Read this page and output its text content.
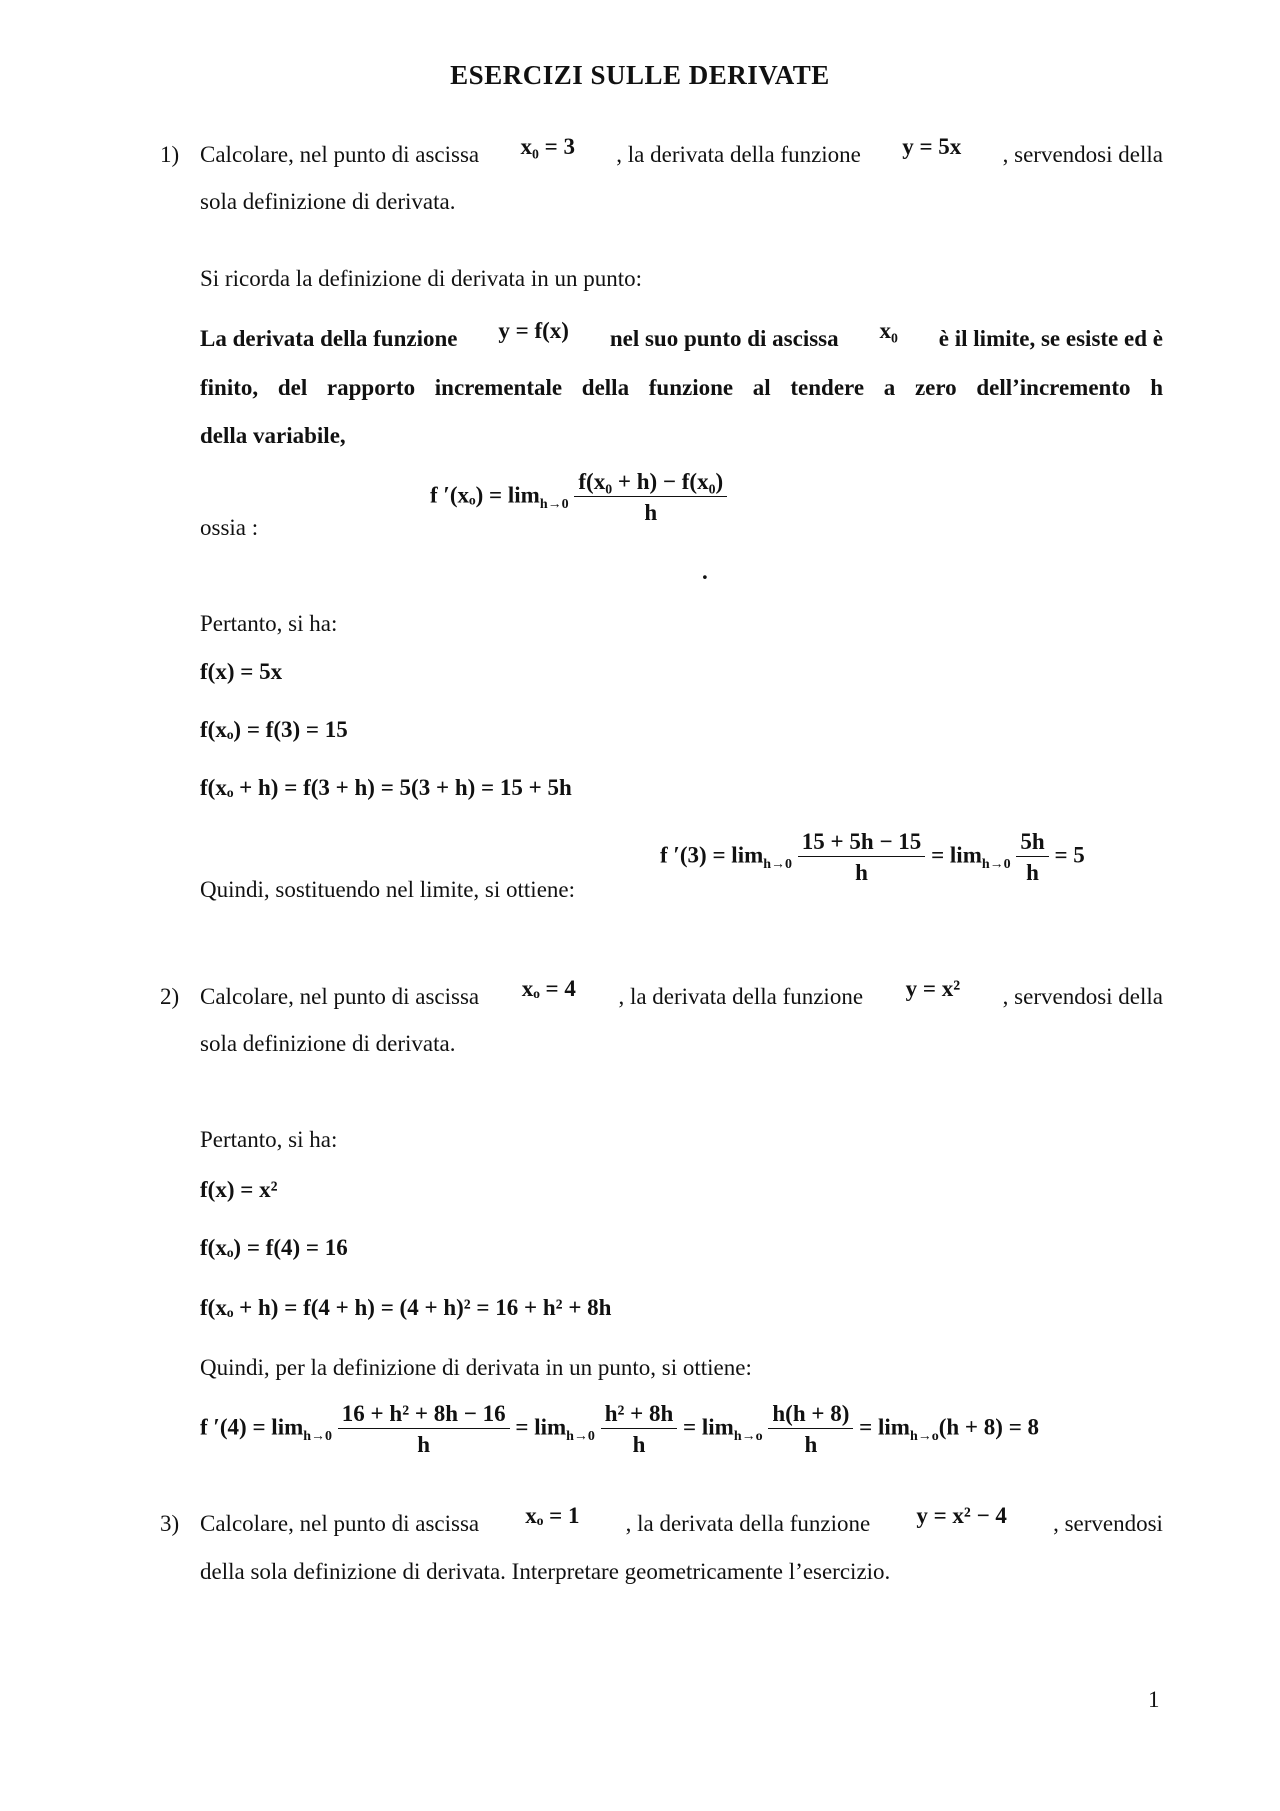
ESERCIZI SULLE DERIVATE
1) Calcolare, nel punto di ascissa x₀ = 3 , la derivata della funzione y = 5x , servendosi della
sola definizione di derivata.
Si ricorda la definizione di derivata in un punto:
La derivata della funzione y = f(x) nel suo punto di ascissa x₀ è il limite, se esiste ed è
finito, del rapporto incrementale della funzione al tendere a zero dell’incremento h
della variabile,
ossia :
f $'(x_o) = \lim_{h\to 0} \frac{\text{f(x₀ + h) − f(x₀)}}{h}$
.
Pertanto, si ha:
f(x) = 5x
f(xₒ) = f(3) = 15
f(xₒ + h) = f(3 + h) = 5(3 + h) = 15 + 5h
Quindi, sostituendo nel limite, si ottiene:
f $'(3) = \lim_{h\to 0} \frac{15 + 5h - 15}{h} = \lim_{h\to 0} \frac{5h}{h} = 5$
2) Calcolare, nel punto di ascissa xₒ = 4 , la derivata della funzione y = x² , servendosi della
sola definizione di derivata.
Pertanto, si ha:
f(x) = x²
f(xₒ) = f(4) = 16
f(xₒ + h) = f(4 + h) = (4 + h)² = 16 + h² + 8h
Quindi, per la definizione di derivata in un punto, si ottiene:
f $'(4) = \lim_{h\to 0} \frac{\text{16 + h² + 8h − 16}}{h} = \lim_{h\to 0} \frac{\text{h² + 8h}}{h} = \lim_{h\to o} \frac{h(h + 8)}{h} = \lim_{h\to o}(h + 8) = 8$
3) Calcolare, nel punto di ascissa xₒ = 1 , la derivata della funzione y = x² − 4 , servendosi
della sola definizione di derivata. Interpretare geometricamente l’esercizio.
1
